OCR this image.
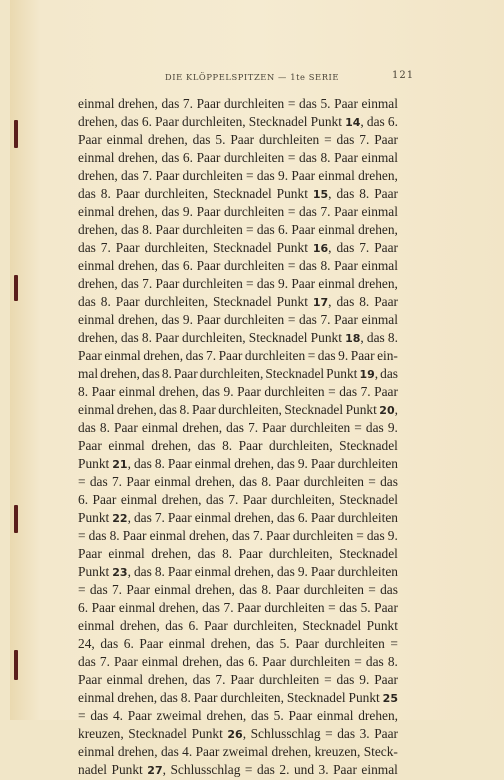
DIE KLÖPPELSPITZEN — 1te SERIE	121
einmal drehen, das 7. Paar durchleiten = das 5. Paar einmal
drehen, das 6. Paar durchleiten, Stecknadel Punkt 14, das 6.
Paar einmal drehen, das 5. Paar durchleiten = das 7. Paar
einmal drehen, das 6. Paar durchleiten = das 8. Paar einmal
drehen, das 7. Paar durchleiten = das 9. Paar einmal drehen,
das 8. Paar durchleiten, Stecknadel Punkt 15, das 8. Paar
einmal drehen, das 9. Paar durchleiten = das 7. Paar einmal
drehen, das 8. Paar durchleiten = das 6. Paar einmal drehen,
das 7. Paar durchleiten, Stecknadel Punkt 16, das 7. Paar
einmal drehen, das 6. Paar durchleiten = das 8. Paar einmal
drehen, das 7. Paar durchleiten = das 9. Paar einmal drehen,
das 8. Paar durchleiten, Stecknadel Punkt 17, das 8. Paar
einmal drehen, das 9. Paar durchleiten = das 7. Paar einmal
drehen, das 8. Paar durchleiten, Stecknadel Punkt 18, das 8.
Paar einmal drehen, das 7. Paar durchleiten = das 9. Paar ein-
mal drehen, das 8. Paar durchleiten, Stecknadel Punkt 19, das
8. Paar einmal drehen, das 9. Paar durchleiten = das 7. Paar
einmal drehen, das 8. Paar durchleiten, Stecknadel Punkt 20,
das 8. Paar einmal drehen, das 7. Paar durchleiten = das 9.
Paar einmal drehen, das 8. Paar durchleiten, Stecknadel
Punkt 21, das 8. Paar einmal drehen, das 9. Paar durchleiten
= das 7. Paar einmal drehen, das 8. Paar durchleiten = das
6. Paar einmal drehen, das 7. Paar durchleiten, Stecknadel
Punkt 22, das 7. Paar einmal drehen, das 6. Paar durchleiten
= das 8. Paar einmal drehen, das 7. Paar durchleiten = das 9.
Paar einmal drehen, das 8. Paar durchleiten, Stecknadel
Punkt 23, das 8. Paar einmal drehen, das 9. Paar durchleiten
= das 7. Paar einmal drehen, das 8. Paar durchleiten = das
6. Paar einmal drehen, das 7. Paar durchleiten = das 5. Paar
einmal drehen, das 6. Paar durchleiten, Stecknadel Punkt
24, das 6. Paar einmal drehen, das 5. Paar durchleiten =
das 7. Paar einmal drehen, das 6. Paar durchleiten = das 8.
Paar einmal drehen, das 7. Paar durchleiten = das 9. Paar
einmal drehen, das 8. Paar durchleiten, Stecknadel Punkt 25
= das 4. Paar zweimal drehen, das 5. Paar einmal drehen,
kreuzen, Stecknadel Punkt 26, Schlusschlag = das 3. Paar
einmal drehen, das 4. Paar zweimal drehen, kreuzen, Steck-
nadel Punkt 27, Schlusschlag = das 2. und 3. Paar einmal
